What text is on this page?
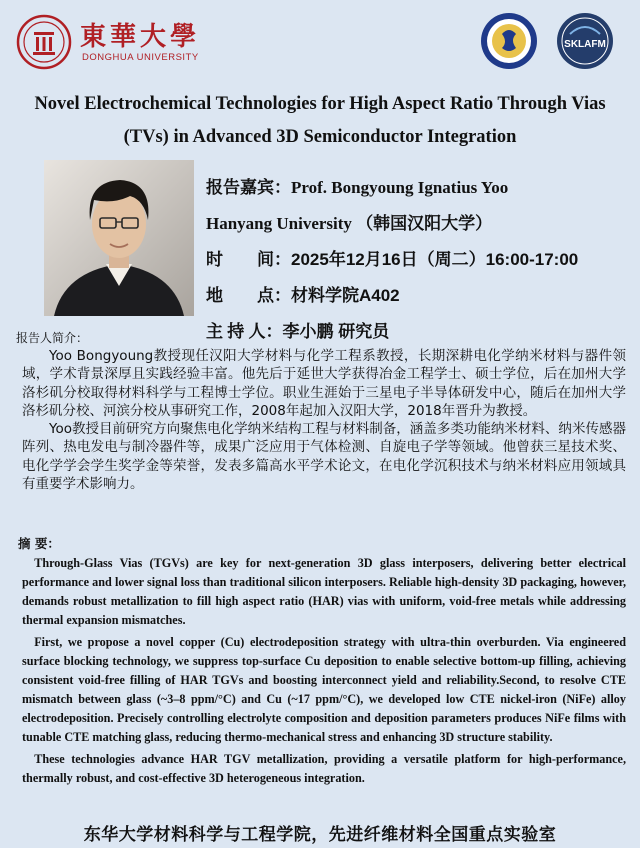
東華大學
DONGHUA UNIVERSITY
SKLAFM
Novel Electrochemical Technologies for High Aspect Ratio Through Vias
(TVs) in Advanced 3D Semiconductor Integration
报告嘉宾：Prof. Bongyoung Ignatius Yoo
Hanyang University （韩国汉阳大学）
时　　间：2025年12月16日（周二）16:00-17:00
地　　点：材料学院A402
主 持 人：李小鹏 研究员
报告人简介：

Yoo Bongyoung教授现任汉阳大学材料与化学工程系教授，长期深耕电化学纳米材料与器件领域，学术背景深厚且实践经验丰富。他先后于延世大学获得冶金工程学士、硕士学位，后在加州大学洛杉矶分校取得材料科学与工程博士学位。职业生涯始于三星电子半导体研发中心，随后在加州大学洛杉矶分校、河滨分校从事研究工作，2008年起加入汉阳大学，2018年晋升为教授。

Yoo教授目前研究方向聚焦电化学纳米结构工程与材料制备，涵盖多类功能纳米材料、纳米传感器阵列、热电发电与制冷器件等，成果广泛应用于气体检测、自旋电子学等领域。他曾获三星技术奖、电化学学会学生奖学金等荣誉，发表多篇高水平学术论文，在电化学沉积技术与纳米材料应用领域具有重要学术影响力。

摘 要：

Through-Glass Vias (TGVs) are key for next-generation 3D glass interposers, delivering better electrical performance and lower signal loss than traditional silicon interposers. Reliable high-density 3D packaging, however, demands robust metallization to fill high aspect ratio (HAR) vias with uniform, void-free metals while addressing thermal expansion mismatches.

First, we propose a novel copper (Cu) electrodeposition strategy with ultra-thin overburden. Via engineered surface blocking technology, we suppress top-surface Cu deposition to enable selective bottom-up filling, achieving consistent void-free filling of HAR TGVs and boosting interconnect yield and reliability.Second, to resolve CTE mismatch between glass (~3–8 ppm/°C) and Cu (~17 ppm/°C), we developed low CTE nickel-iron (NiFe) alloy electrodeposition. Precisely controlling electrolyte composition and deposition parameters produces NiFe films with tunable CTE matching glass, reducing thermo-mechanical stress and enhancing 3D structure stability.

These technologies advance HAR TGV metallization, providing a versatile platform for high-performance, thermally robust, and cost-effective 3D heterogeneous integration.

东华大学材料科学与工程学院，先进纤维材料全国重点实验室
